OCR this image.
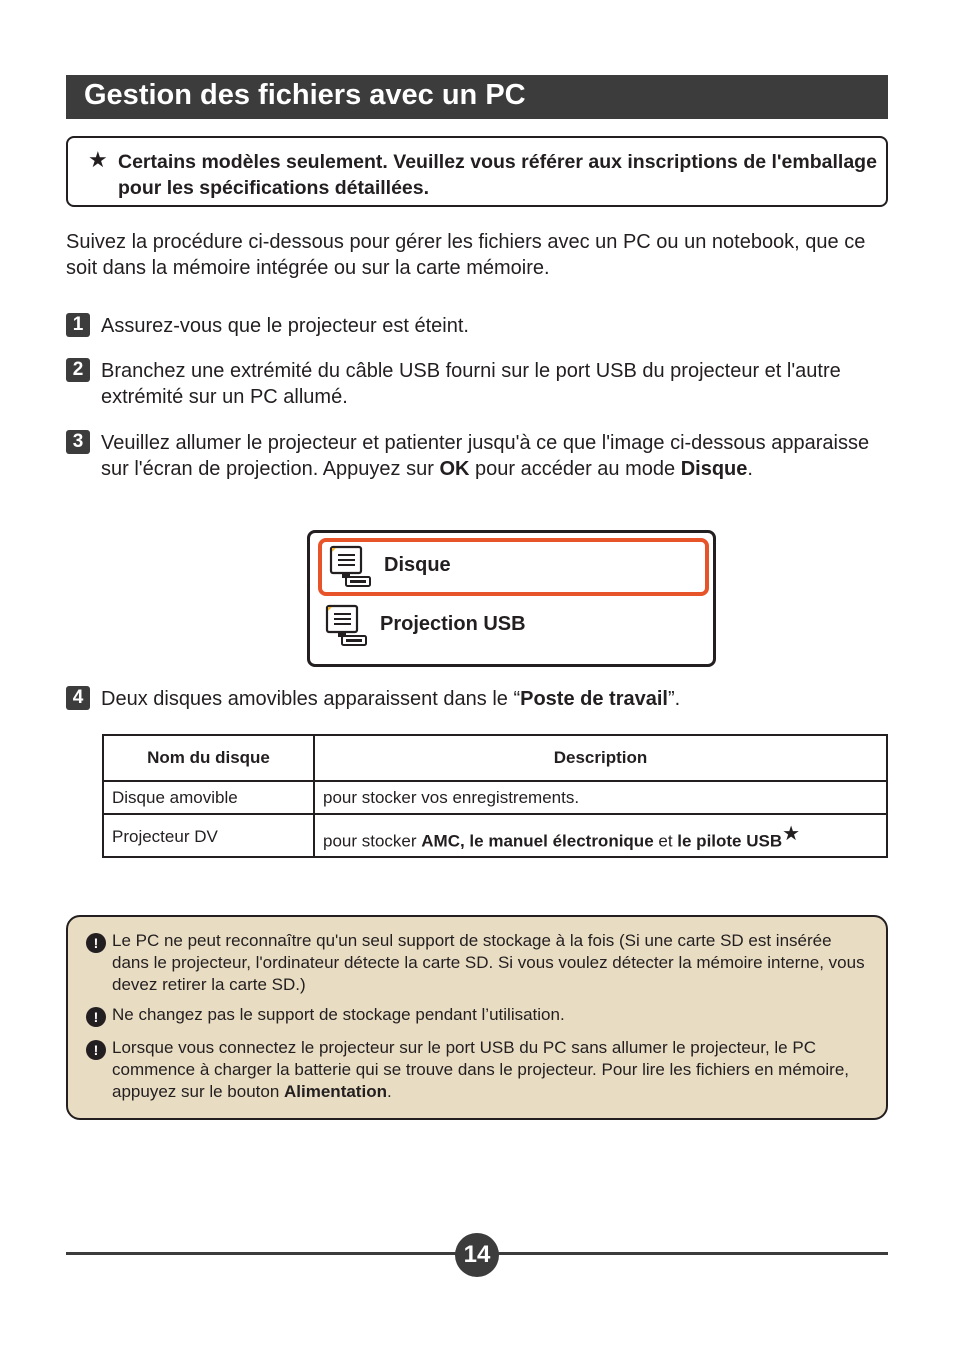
Gestion des fichiers avec un PC
★ Certains modèles seulement. Veuillez vous référer aux inscriptions de l'emballage pour les spécifications détaillées.
Suivez la procédure ci-dessous pour gérer les fichiers avec un PC ou un notebook, que ce soit dans la mémoire intégrée ou sur la carte mémoire.
1 Assurez-vous que le projecteur est éteint.
2 Branchez une extrémité du câble USB fourni sur le port USB du projecteur et l'autre extrémité sur un PC allumé.
3 Veuillez allumer le projecteur et patienter jusqu'à ce que l'image ci-dessous apparaisse sur l'écran de projection. Appuyez sur OK pour accéder au mode Disque.
Disque
Projection USB
4 Deux disques amovibles apparaissent dans le “Poste de travail”.
Nom du disque	Description
Disque amovible	pour stocker vos enregistrements.
Projecteur DV	pour stocker AMC, le manuel électronique et le pilote USB★
! Le PC ne peut reconnaître qu'un seul support de stockage à la fois (Si une carte SD est insérée dans le projecteur, l'ordinateur détecte la carte SD. Si vous voulez détecter la mémoire interne, vous devez retirer la carte SD.)
! Ne changez pas le support de stockage pendant l’utilisation.
! Lorsque vous connectez le projecteur sur le port USB du PC sans allumer le projecteur, le PC commence à charger la batterie qui se trouve dans le projecteur. Pour lire les fichiers en mémoire, appuyez sur le bouton Alimentation.
14
